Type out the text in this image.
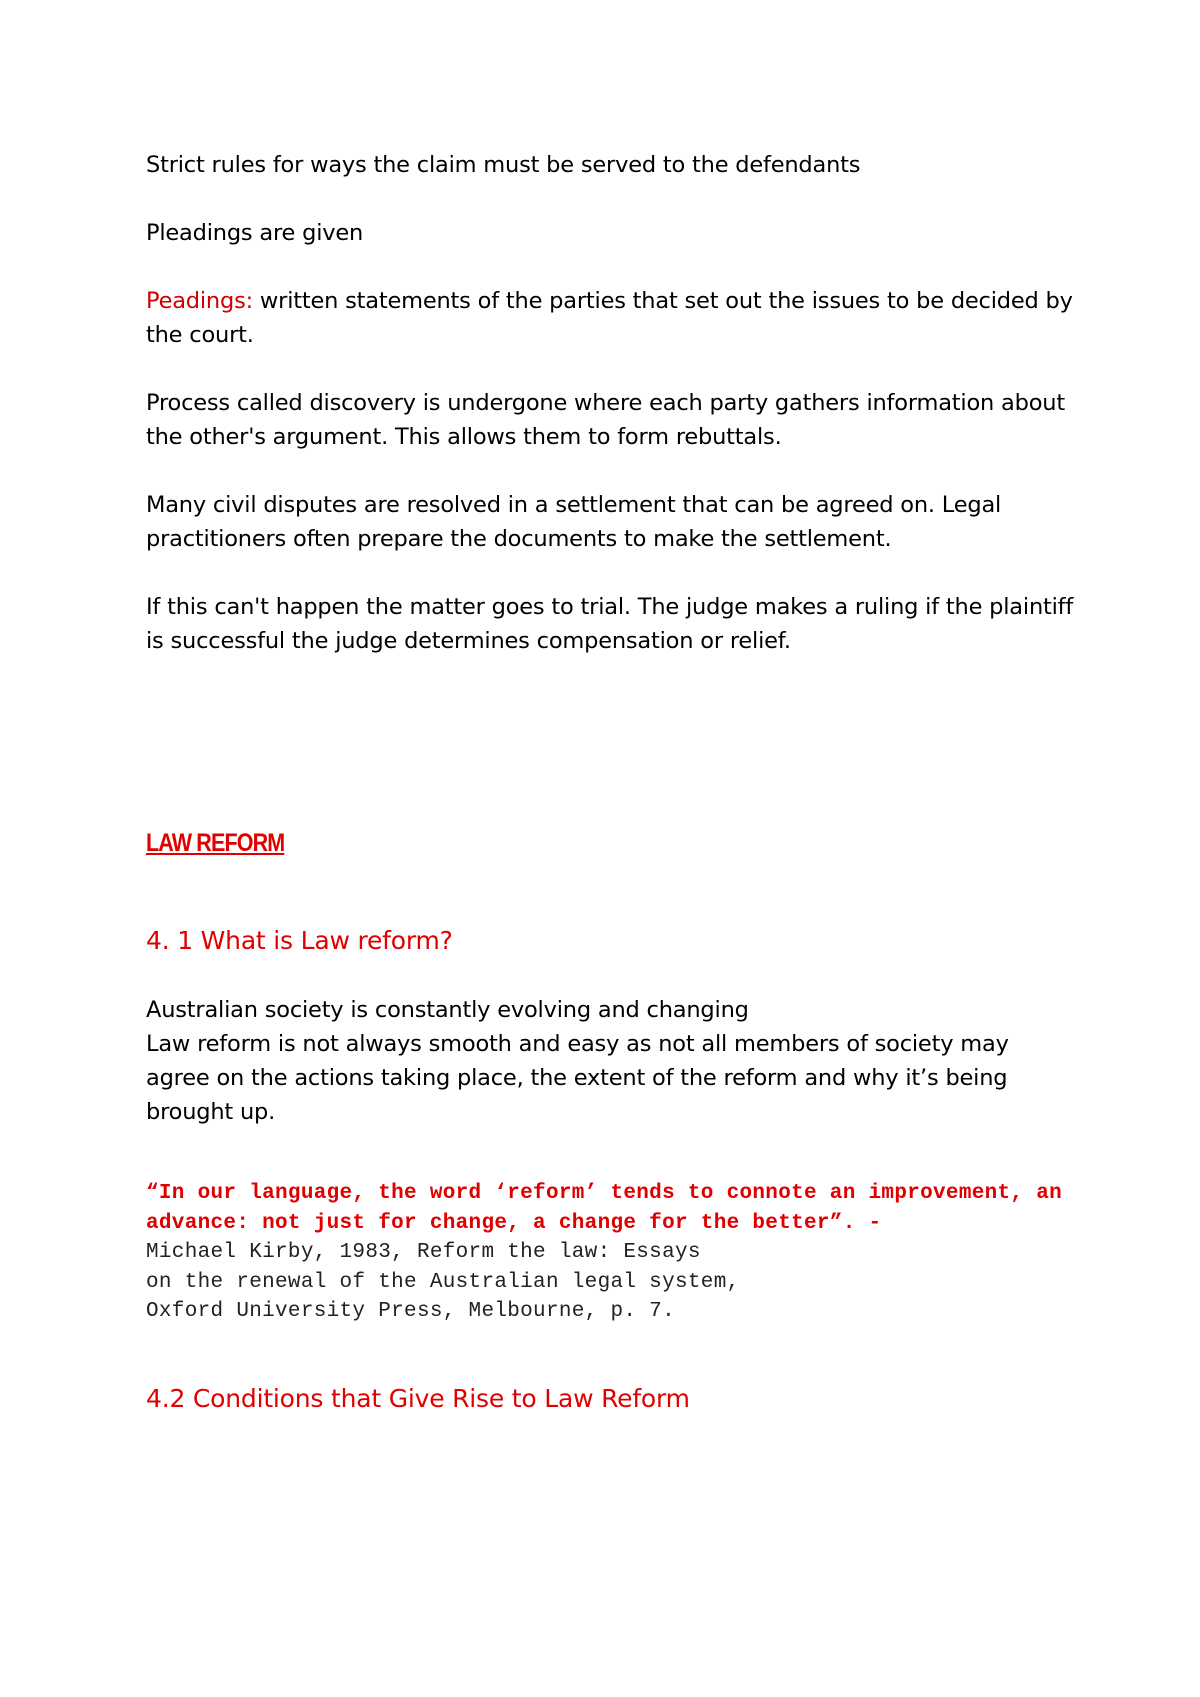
Strict rules for ways the claim must be served to the defendants

Pleadings are given

Peadings: written statements of the parties that set out the issues to be decided by the court.

Process called discovery is undergone where each party gathers information about the other's argument. This allows them to form rebuttals.

Many civil disputes are resolved in a settlement that can be agreed on. Legal practitioners often prepare the documents to make the settlement.

If this can't happen the matter goes to trial. The judge makes a ruling if the plaintiff is successful the judge determines compensation or relief.

LAW REFORM
4. 1 What is Law reform?

Australian society is constantly evolving and changing

Law reform is not always smooth and easy as not all members of society may agree on the actions taking place, the extent of the reform and why it’s being brought up.

“In our language, the word ‘reform’ tends to connote an improvement, an advance: not just for change, a change for the better”. -

Michael Kirby, 1983, Reform the law: Essays
on the renewal of the Australian legal system,
Oxford University Press, Melbourne, p. 7.

4.2 Conditions that Give Rise to Law Reform
